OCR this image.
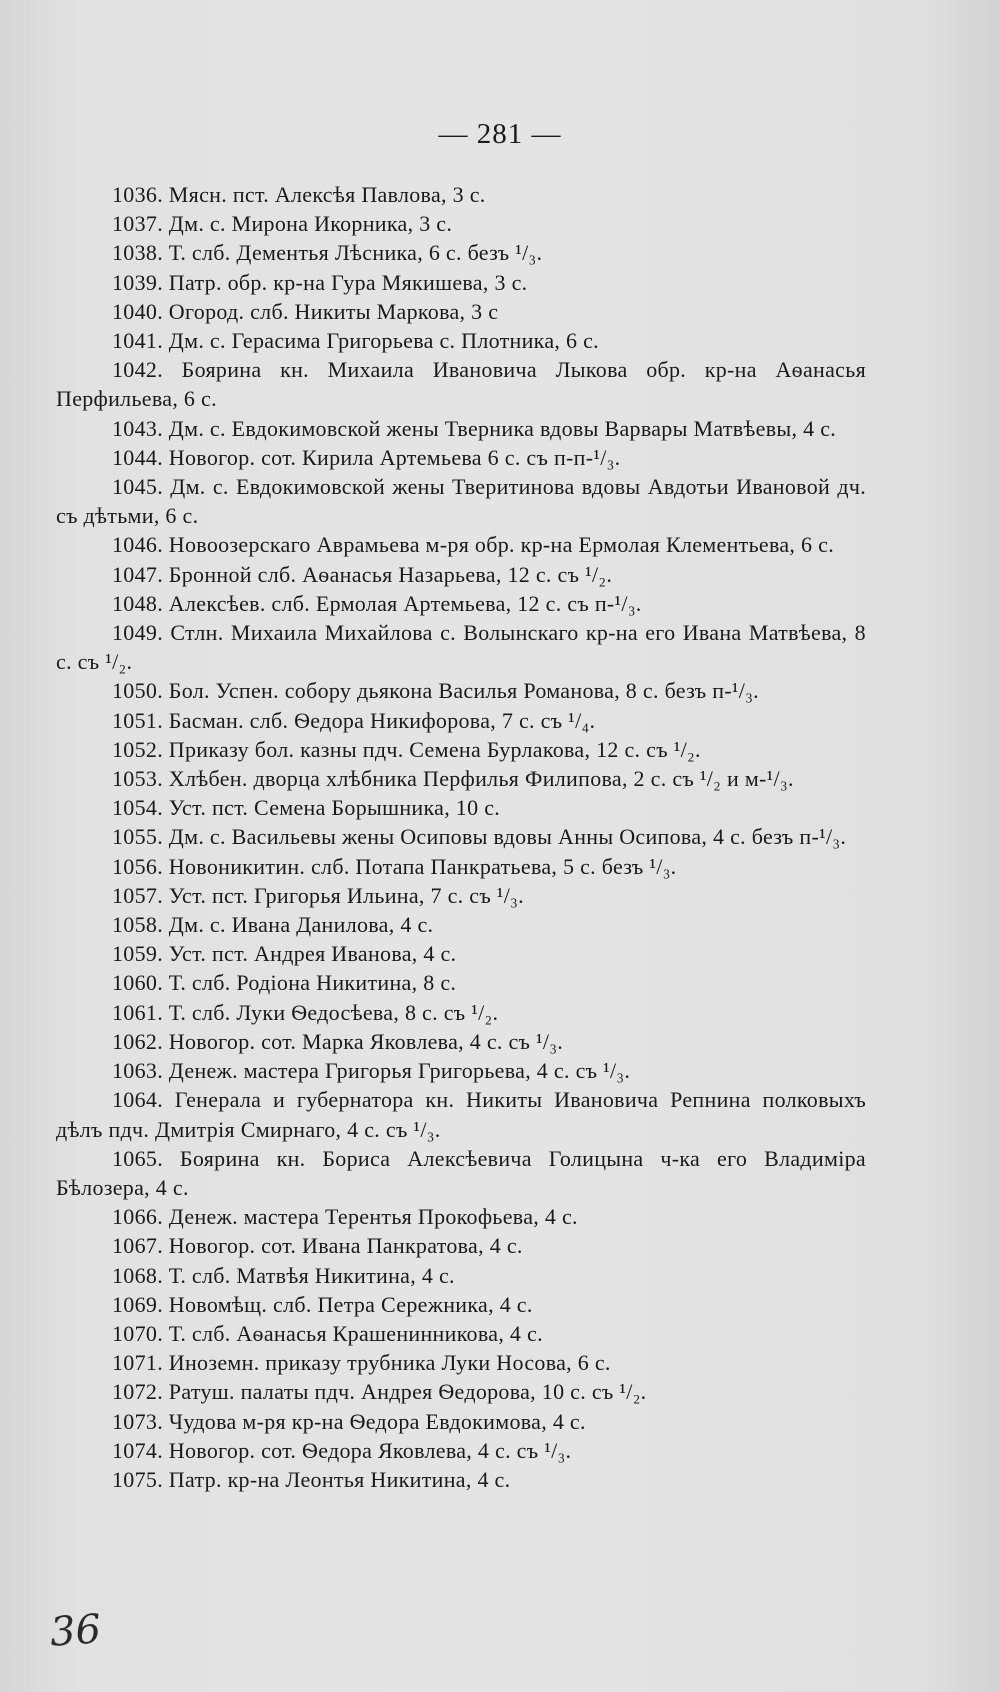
— 281 —

1036. Мясн. пст. Алексѣя Павлова, 3 с.

1037. Дм. с. Мирона Икорника, 3 с.

1038. Т. слб. Дементья Лѣсника, 6 с. безъ ¹/₃.

1039. Патр. обр. кр-на Гура Мякишева, 3 с.

1040. Огород. слб. Никиты Маркова, 3 с

1041. Дм. с. Герасима Григорьева с. Плотника, 6 с.

1042. Боярина кн. Михаила Ивановича Лыкова обр. кр-на Аѳанасья Перфильева, 6 с.

1043. Дм. с. Евдокимовской жены Тверника вдовы Варвары Матвѣевы, 4 с.

1044. Новогор. сот. Кирила Артемьева 6 с. съ п-п-¹/₃.

1045. Дм. с. Евдокимовской жены Тверитинова вдовы Авдотьи Ивановой дч. съ дѣтьми, 6 с.

1046. Новоозерскаго Аврамьева м-ря обр. кр-на Ермолая Клементьева, 6 с.

1047. Бронной слб. Аѳанасья Назарьева, 12 с. съ ¹/₂.

1048. Алексѣев. слб. Ермолая Артемьева, 12 с. съ п-¹/₃.

1049. Стлн. Михаила Михайлова с. Волынскаго кр-на его Ивана Матвѣева, 8 с. съ ¹/₂.

1050. Бол. Успен. собору дьякона Василья Романова, 8 с. безъ п-¹/₃.

1051. Басман. слб. Ѳедора Никифорова, 7 с. съ ¹/₄.

1052. Приказу бол. казны пдч. Семена Бурлакова, 12 с. съ ¹/₂.

1053. Хлѣбен. дворца хлѣбника Перфилья Филипова, 2 с. съ ¹/₂ и м-¹/₃.

1054. Уст. пст. Семена Борышника, 10 с.

1055. Дм. с. Васильевы жены Осиповы вдовы Анны Осипова, 4 с. безъ п-¹/₃.

1056. Новоникитин. слб. Потапа Панкратьева, 5 с. безъ ¹/₃.

1057. Уст. пст. Григорья Ильина, 7 с. съ ¹/₃.

1058. Дм. с. Ивана Данилова, 4 с.

1059. Уст. пст. Андрея Иванова, 4 с.

1060. Т. слб. Родіона Никитина, 8 с.

1061. Т. слб. Луки Ѳедосѣева, 8 с. съ ¹/₂.

1062. Новогор. сот. Марка Яковлева, 4 с. съ ¹/₃.

1063. Денеж. мастера Григорья Григорьева, 4 с. съ ¹/₃.

1064. Генерала и губернатора кн. Никиты Ивановича Репнина полковыхъ дѣлъ пдч. Дмитрія Смирнаго, 4 с. съ ¹/₃.

1065. Боярина кн. Бориса Алексѣевича Голицына ч-ка его Владиміра Бѣлозера, 4 с.

1066. Денеж. мастера Терентья Прокофьева, 4 с.

1067. Новогор. сот. Ивана Панкратова, 4 с.

1068. Т. слб. Матвѣя Никитина, 4 с.

1069. Новомѣщ. слб. Петра Сережника, 4 с.

1070. Т. слб. Аѳанасья Крашенинникова, 4 с.

1071. Иноземн. приказу трубника Луки Носова, 6 с.

1072. Ратуш. палаты пдч. Андрея Ѳедорова, 10 с. съ ¹/₂.

1073. Чудова м-ря кр-на Ѳедора Евдокимова, 4 с.

1074. Новогор. сот. Ѳедора Яковлева, 4 с. съ ¹/₃.

1075. Патр. кр-на Леонтья Никитина, 4 с.

36
